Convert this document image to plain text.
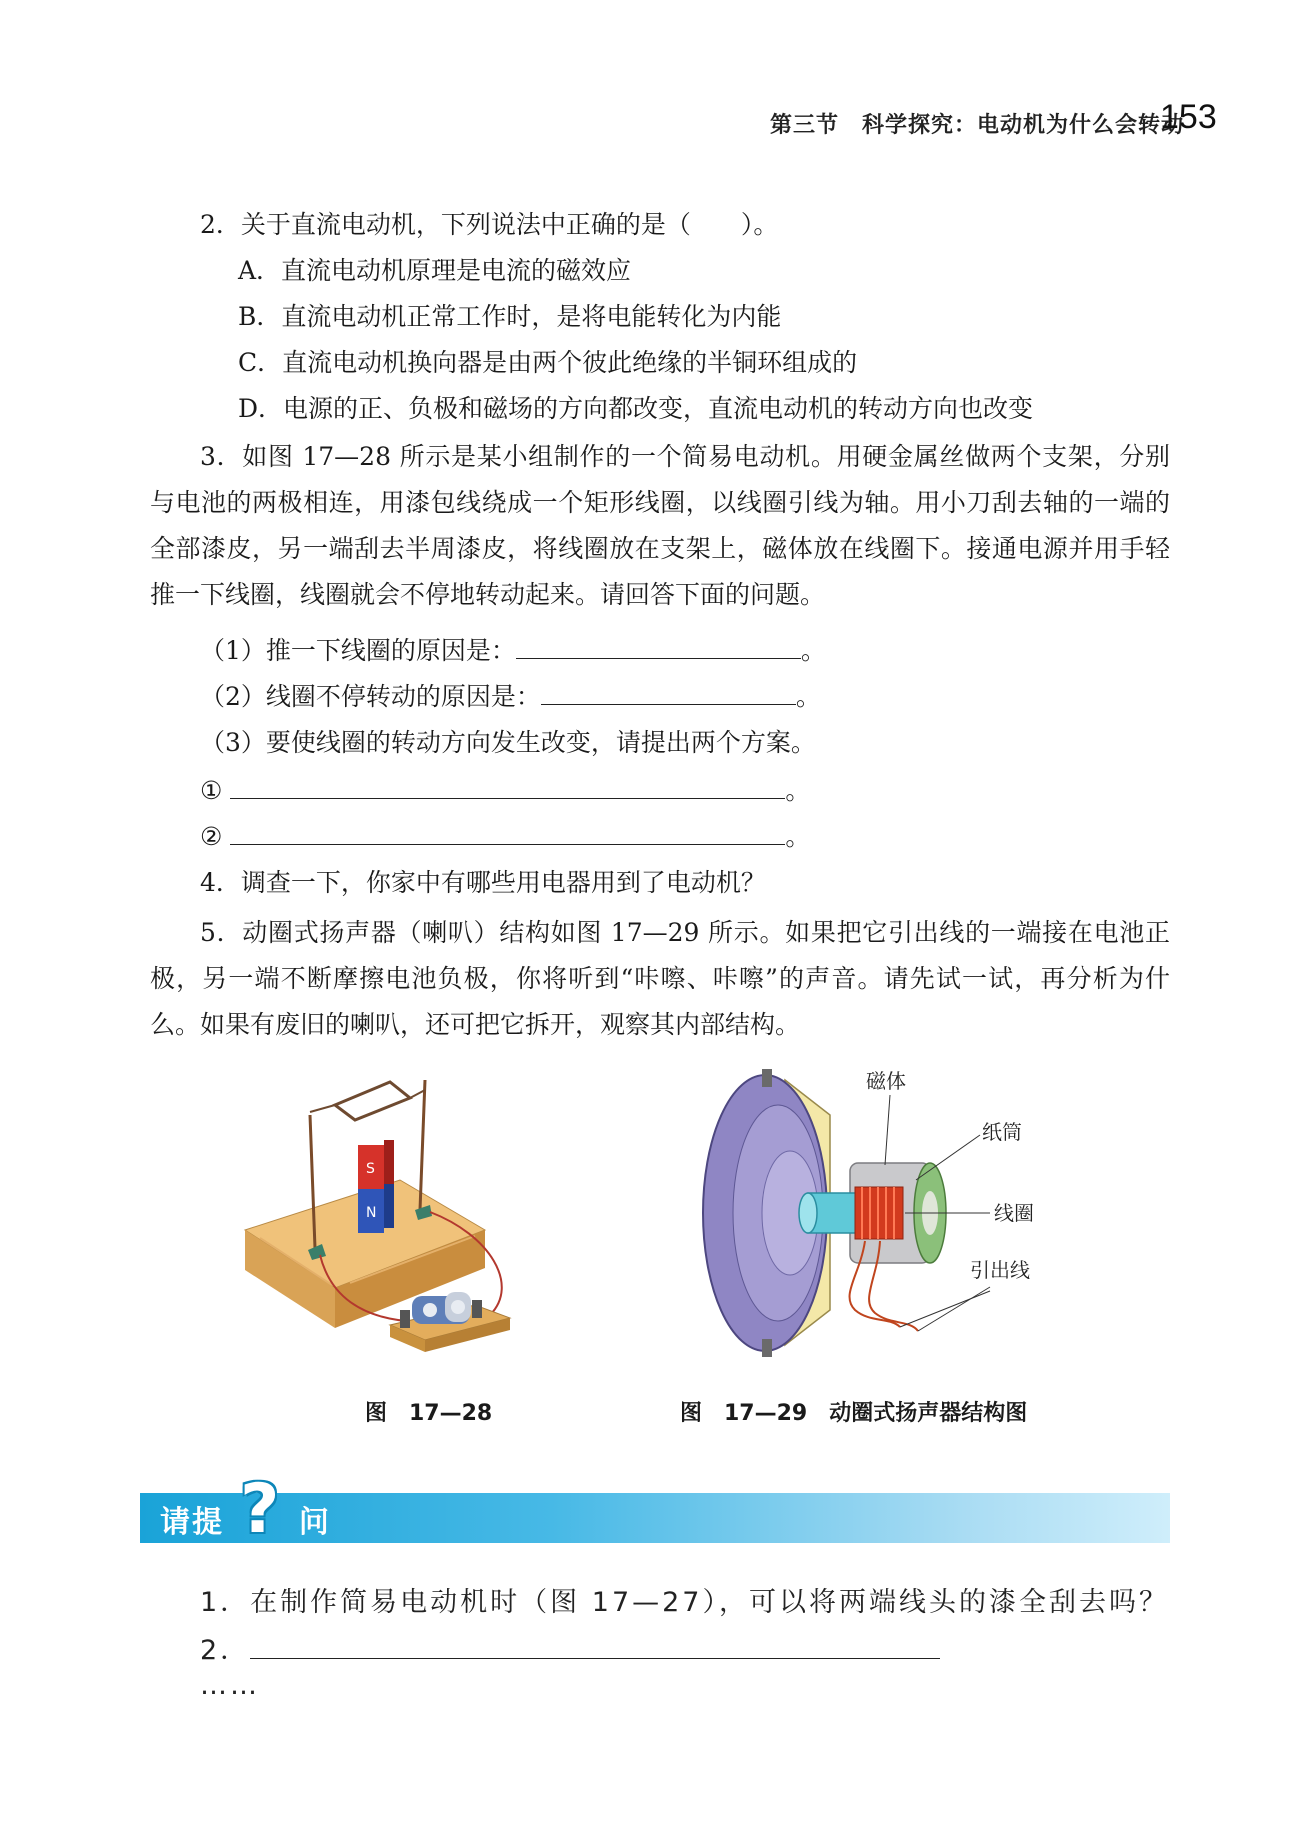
第三节　科学探究：电动机为什么会转动
153
2．关于直流电动机，下列说法中正确的是（　　）。
A．直流电动机原理是电流的磁效应
B．直流电动机正常工作时，是将电能转化为内能
C．直流电动机换向器是由两个彼此绝缘的半铜环组成的
D．电源的正、负极和磁场的方向都改变，直流电动机的转动方向也改变
3．如图 17—28 所示是某小组制作的一个简易电动机。用硬金属丝做两个支架，分别与电池的两极相连，用漆包线绕成一个矩形线圈，以线圈引线为轴。用小刀刮去轴的一端的全部漆皮，另一端刮去半周漆皮，将线圈放在支架上，磁体放在线圈下。接通电源并用手轻推一下线圈，线圈就会不停地转动起来。请回答下面的问题。
（1）推一下线圈的原因是：	。
（2）线圈不停转动的原因是：	。
（3）要使线圈的转动方向发生改变，请提出两个方案。
①	。
②	。
4．调查一下，你家中有哪些用电器用到了电动机？
5．动圈式扬声器（喇叭）结构如图 17—29 所示。如果把它引出线的一端接在电池正极，另一端不断摩擦电池负极，你将听到“咔嚓、咔嚓”的声音。请先试一试，再分析为什么。如果有废旧的喇叭，还可把它拆开，观察其内部结构。
S
N
图　17—28
磁体
纸筒
线圈
引出线
图　17—29　动圈式扬声器结构图
请提 问
?
1．在制作简易电动机时（图 17—27），可以将两端线头的漆全刮去吗？
2．
……
